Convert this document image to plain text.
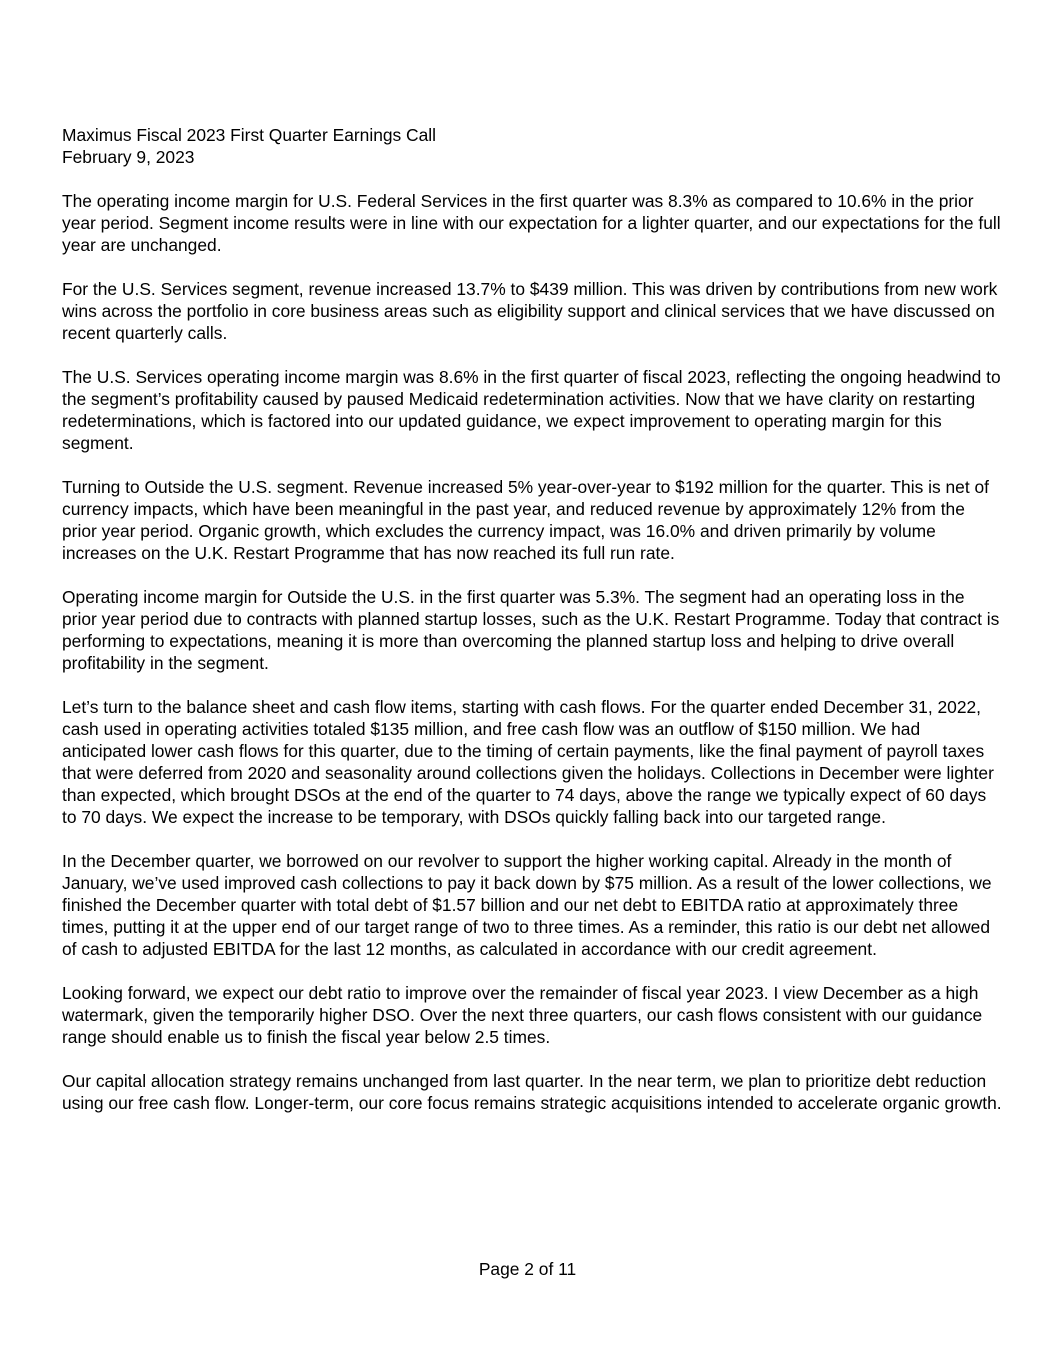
Maximus Fiscal 2023 First Quarter Earnings Call

February 9, 2023

The operating income margin for U.S. Federal Services in the first quarter was 8.3% as compared to 10.6% in the prior year period. Segment income results were in line with our expectation for a lighter quarter, and our expectations for the full year are unchanged.

For the U.S. Services segment, revenue increased 13.7% to $439 million. This was driven by contributions from new work wins across the portfolio in core business areas such as eligibility support and clinical services that we have discussed on recent quarterly calls.

The U.S. Services operating income margin was 8.6% in the first quarter of fiscal 2023, reflecting the ongoing headwind to the segment’s profitability caused by paused Medicaid redetermination activities. Now that we have clarity on restarting redeterminations, which is factored into our updated guidance, we expect improvement to operating margin for this segment.

Turning to Outside the U.S. segment. Revenue increased 5% year-over-year to $192 million for the quarter. This is net of currency impacts, which have been meaningful in the past year, and reduced revenue by approximately 12% from the prior year period. Organic growth, which excludes the currency impact, was 16.0% and driven primarily by volume increases on the U.K. Restart Programme that has now reached its full run rate.

Operating income margin for Outside the U.S. in the first quarter was 5.3%. The segment had an operating loss in the prior year period due to contracts with planned startup losses, such as the U.K. Restart Programme. Today that contract is performing to expectations, meaning it is more than overcoming the planned startup loss and helping to drive overall profitability in the segment.

Let’s turn to the balance sheet and cash flow items, starting with cash flows. For the quarter ended December 31, 2022, cash used in operating activities totaled $135 million, and free cash flow was an outflow of $150 million. We had anticipated lower cash flows for this quarter, due to the timing of certain payments, like the final payment of payroll taxes that were deferred from 2020 and seasonality around collections given the holidays. Collections in December were lighter than expected, which brought DSOs at the end of the quarter to 74 days, above the range we typically expect of 60 days to 70 days. We expect the increase to be temporary, with DSOs quickly falling back into our targeted range.

In the December quarter, we borrowed on our revolver to support the higher working capital. Already in the month of January, we’ve used improved cash collections to pay it back down by $75 million. As a result of the lower collections, we finished the December quarter with total debt of $1.57 billion and our net debt to EBITDA ratio at approximately three times, putting it at the upper end of our target range of two to three times. As a reminder, this ratio is our debt net allowed of cash to adjusted EBITDA for the last 12 months, as calculated in accordance with our credit agreement.

Looking forward, we expect our debt ratio to improve over the remainder of fiscal year 2023. I view December as a high watermark, given the temporarily higher DSO. Over the next three quarters, our cash flows consistent with our guidance range should enable us to finish the fiscal year below 2.5 times.

Our capital allocation strategy remains unchanged from last quarter. In the near term, we plan to prioritize debt reduction using our free cash flow. Longer-term, our core focus remains strategic acquisitions intended to accelerate organic growth.

Page 2 of 11
